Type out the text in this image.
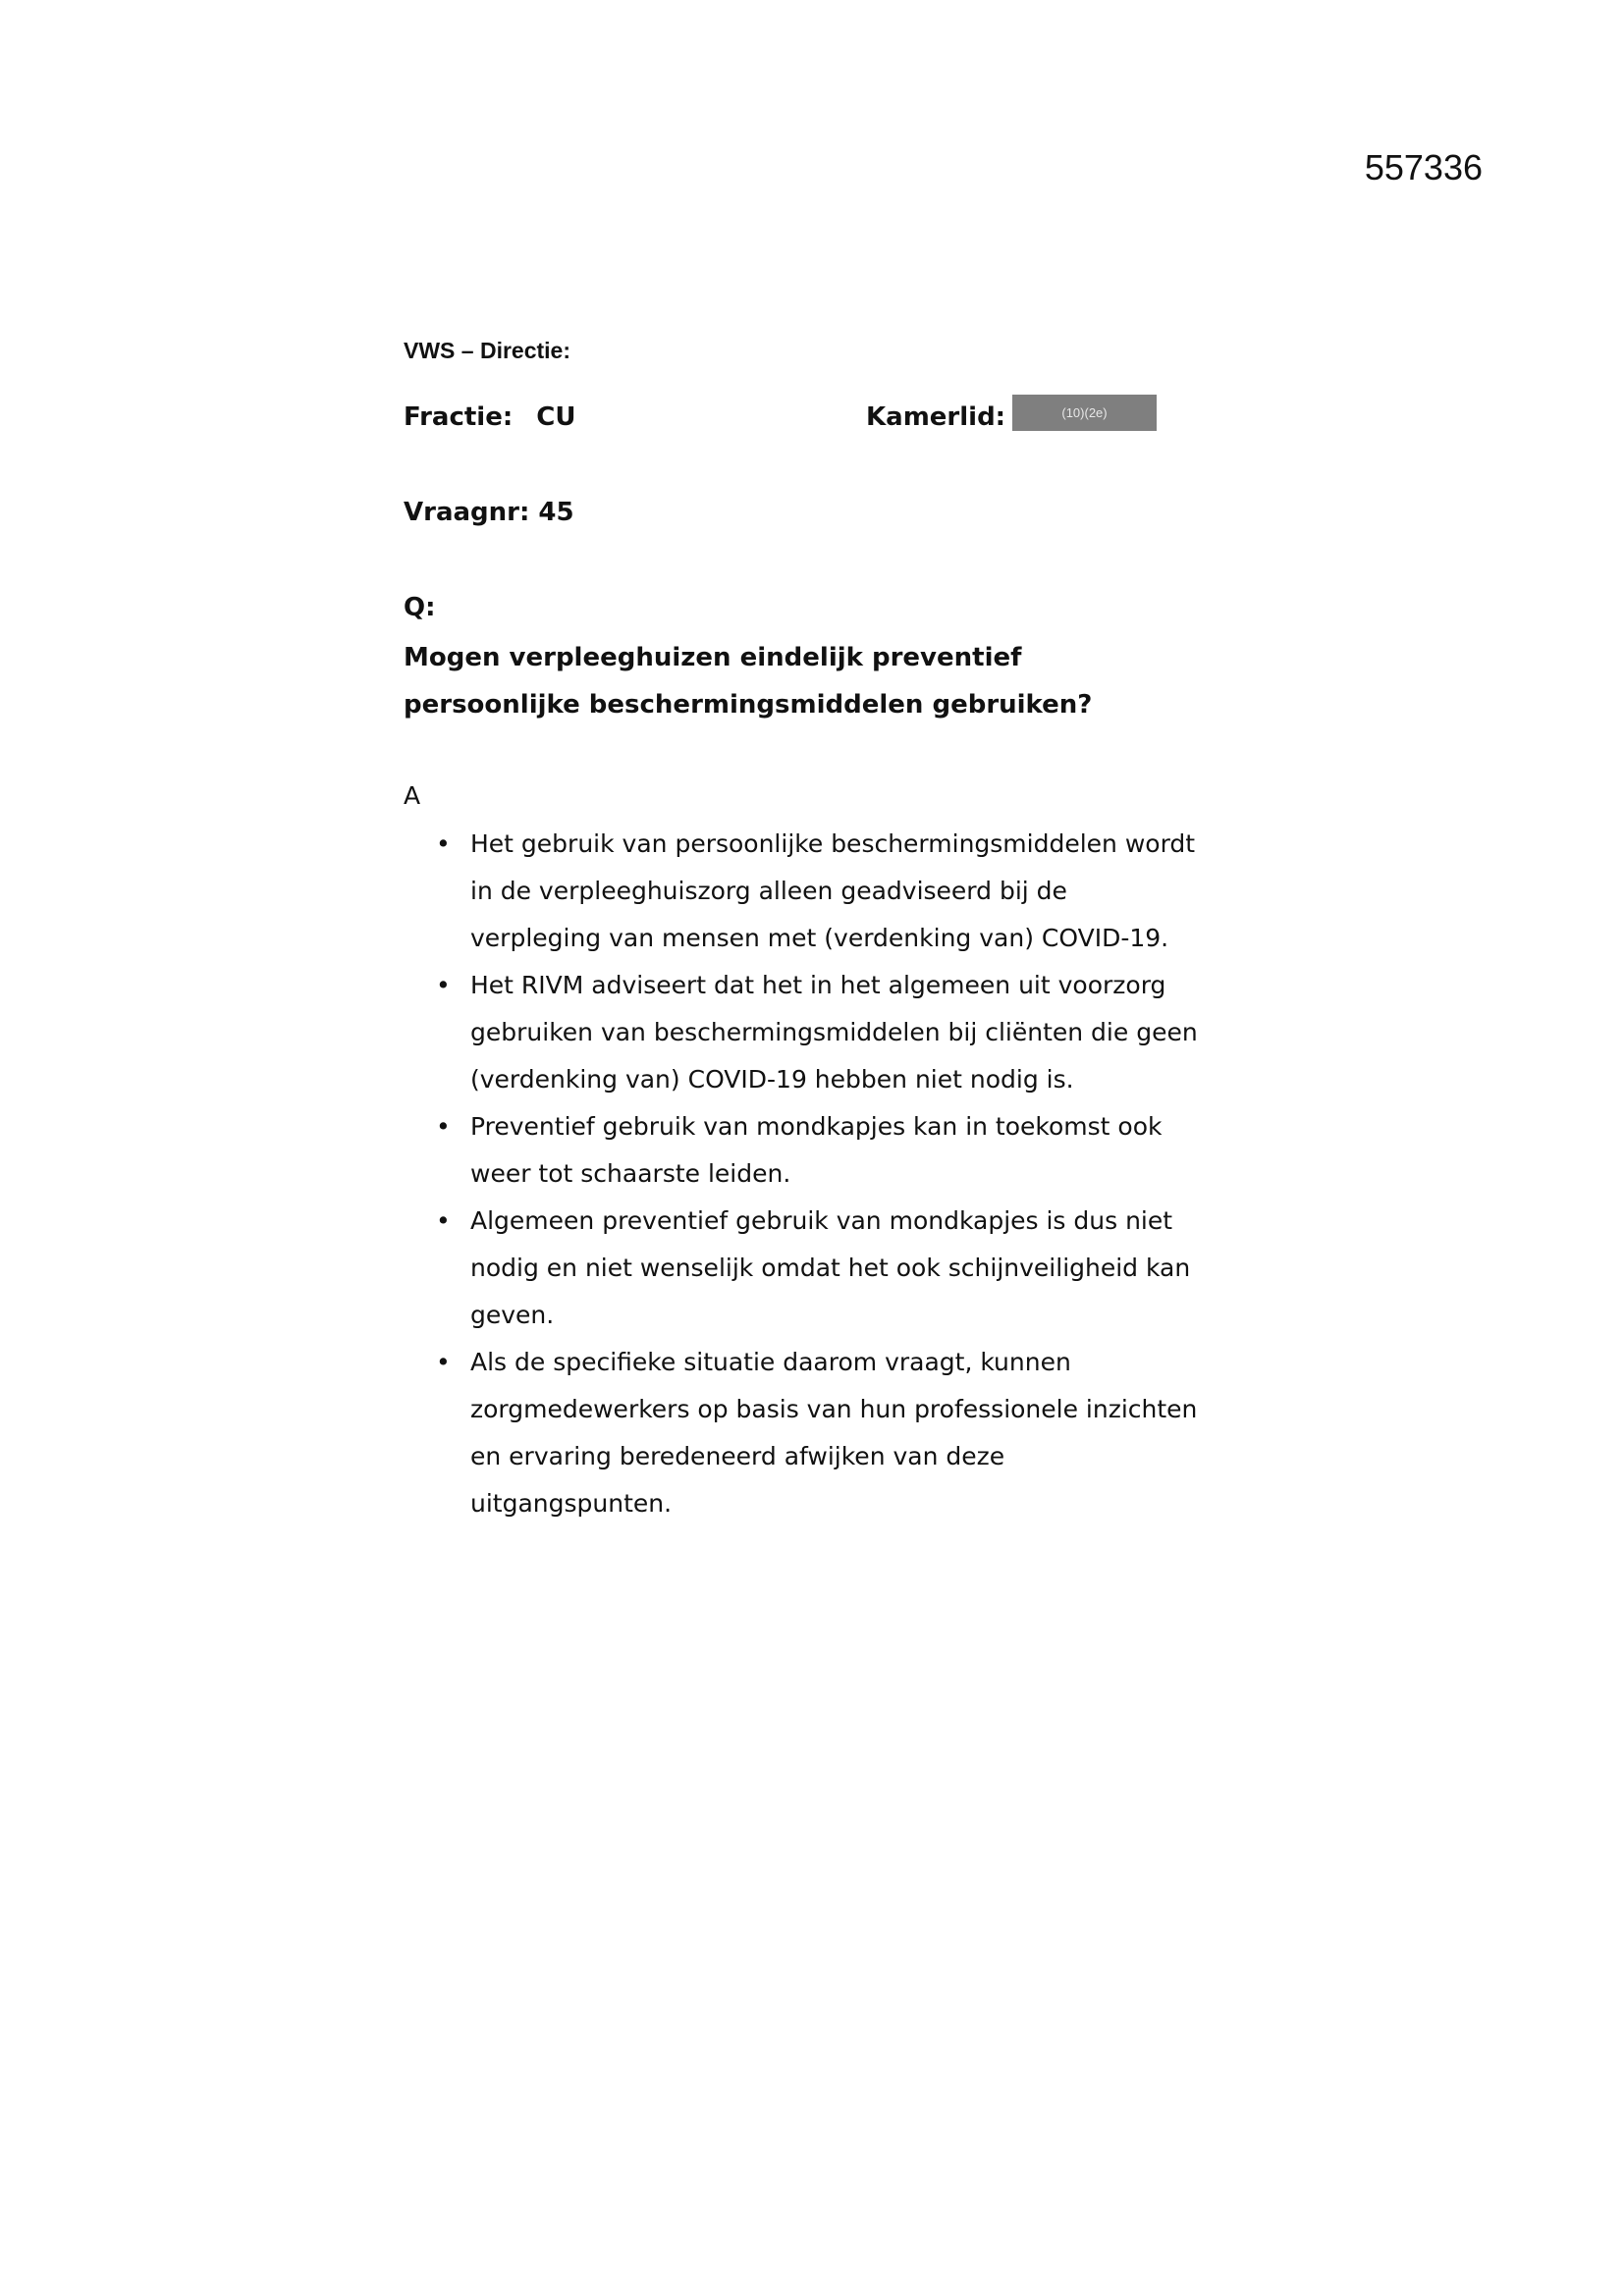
557336

VWS – Directie:

Fractie: CU	Kamerlid:	(10)(2e)
Vraagnr: 45
Q:
Mogen verpleeghuizen eindelijk preventief
persoonlijke beschermingsmiddelen gebruiken?
A
• Het gebruik van persoonlijke beschermingsmiddelen wordt
in de verpleeghuiszorg alleen geadviseerd bij de
verpleging van mensen met (verdenking van) COVID-19.
• Het RIVM adviseert dat het in het algemeen uit voorzorg
gebruiken van beschermingsmiddelen bij cliënten die geen
(verdenking van) COVID-19 hebben niet nodig is.
• Preventief gebruik van mondkapjes kan in toekomst ook
weer tot schaarste leiden.
• Algemeen preventief gebruik van mondkapjes is dus niet
nodig en niet wenselijk omdat het ook schijnveiligheid kan
geven.
• Als de specifieke situatie daarom vraagt, kunnen
zorgmedewerkers op basis van hun professionele inzichten
en ervaring beredeneerd afwijken van deze
uitgangspunten.
